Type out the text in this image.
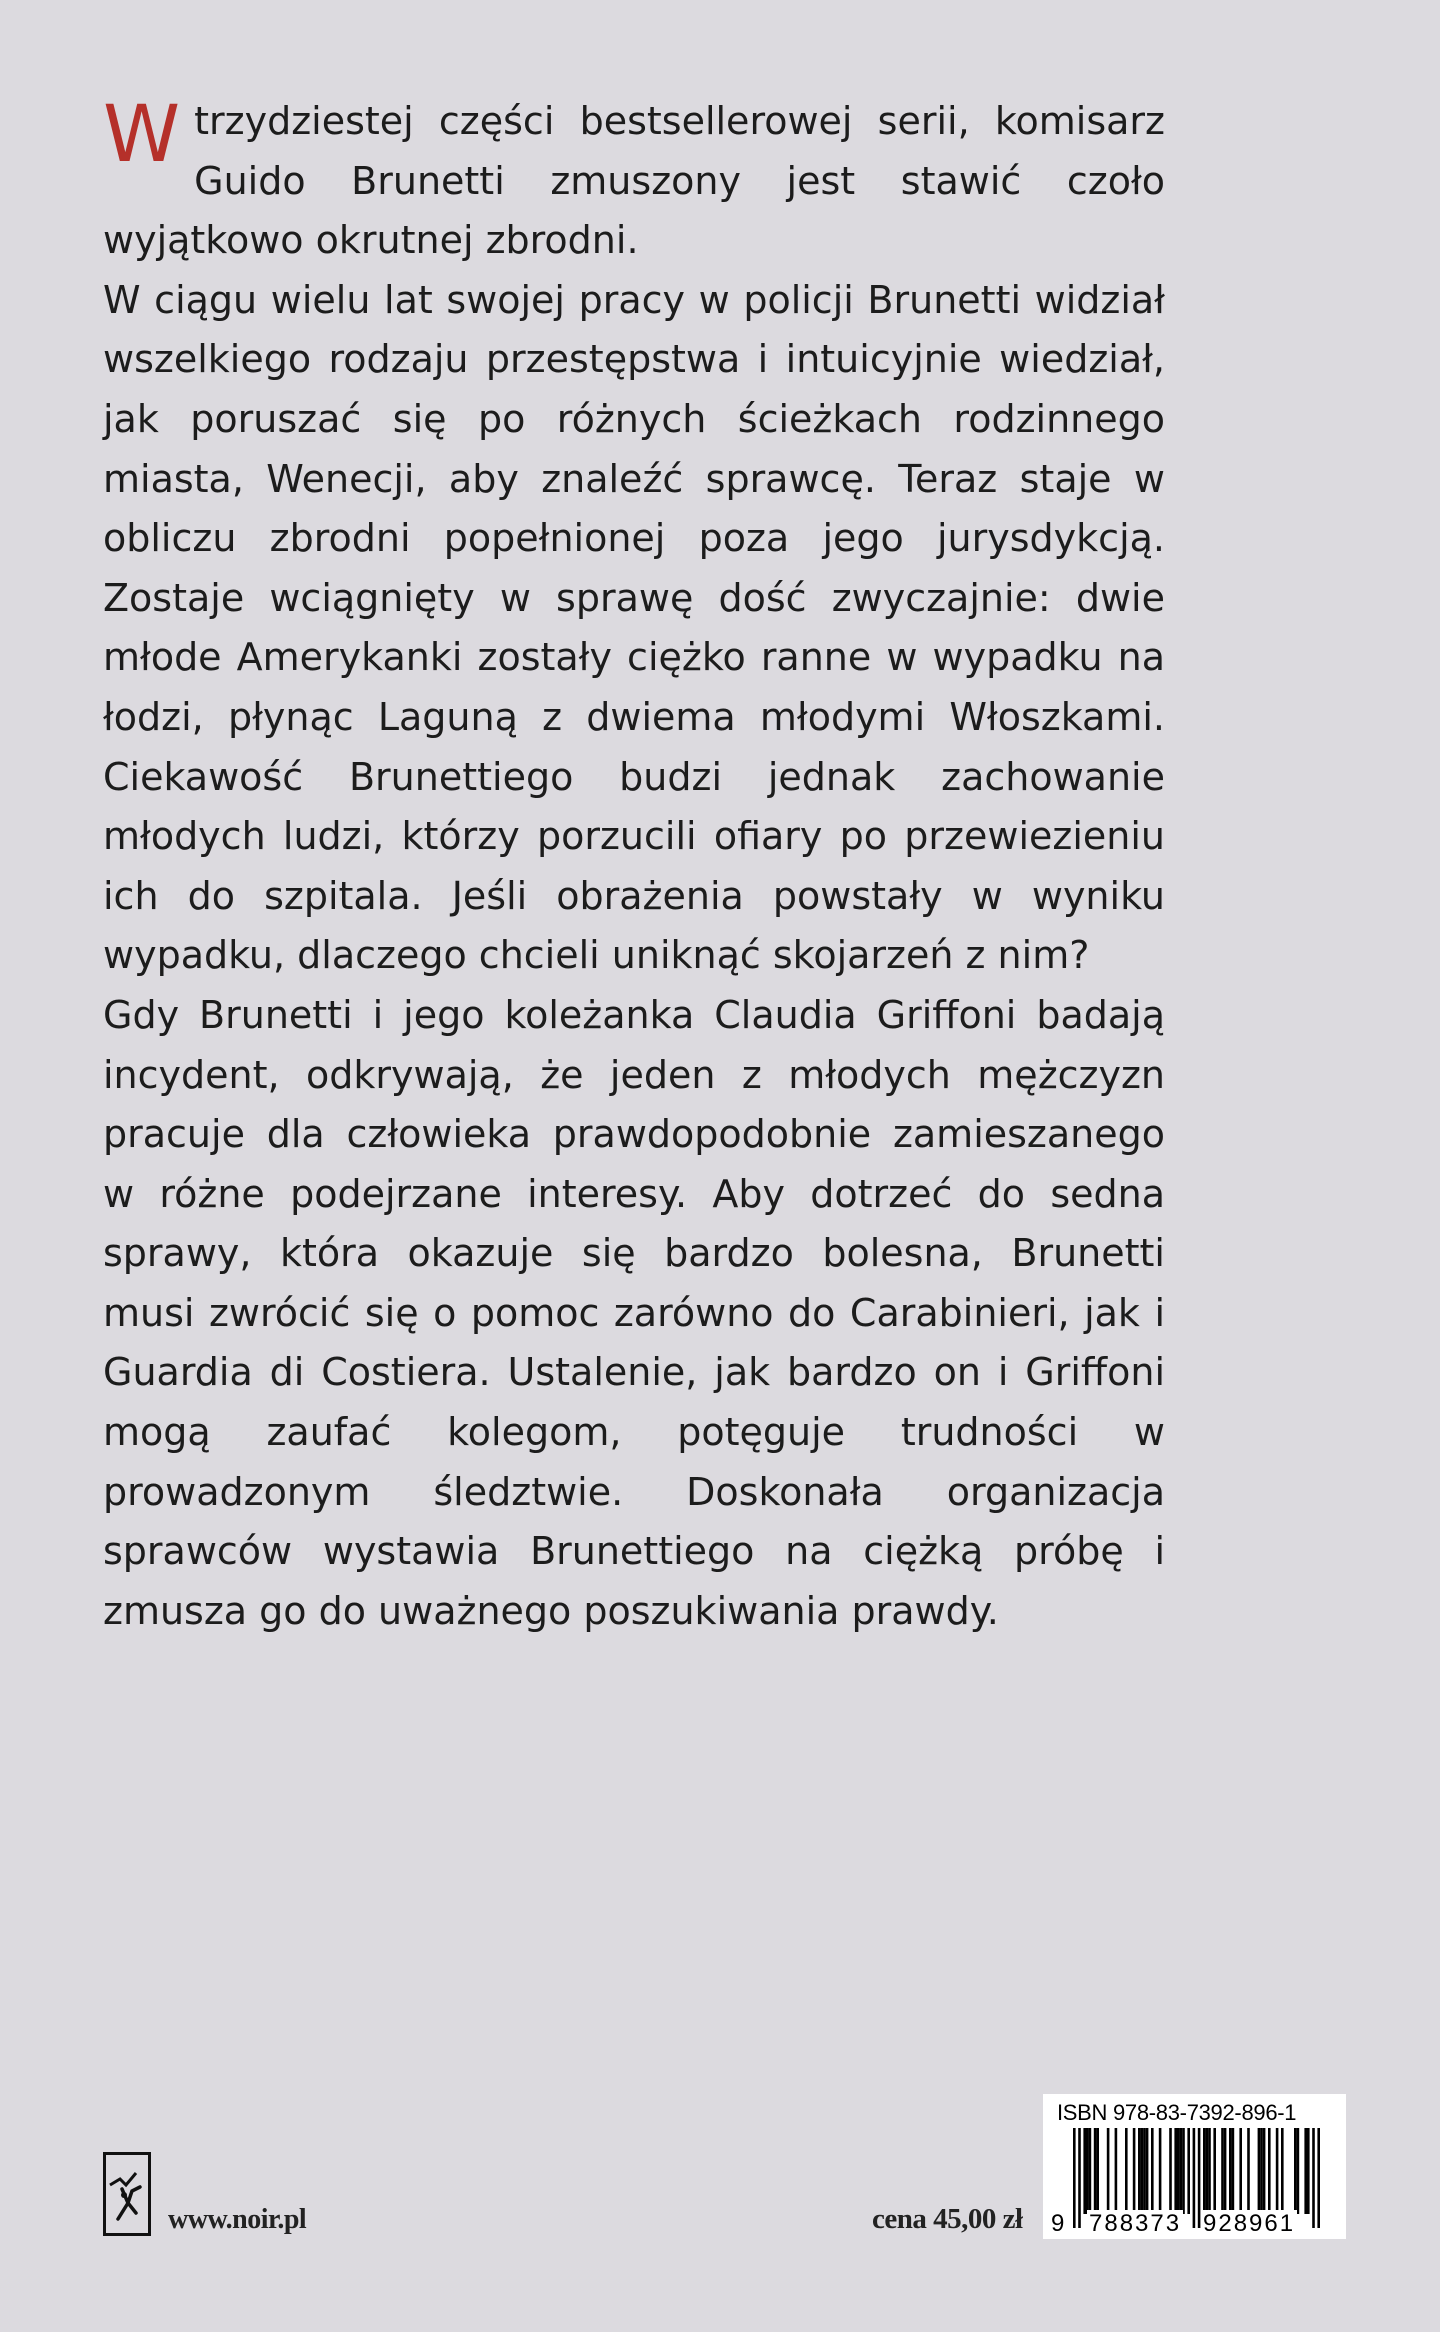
W trzydziestej części bestsellerowej serii, komisarz Guido Brunetti zmuszony jest stawić czoło wyjątkowo okrutnej zbrodni.

W ciągu wielu lat swojej pracy w policji Brunetti widział wszelkiego rodzaju przestępstwa i intuicyjnie wiedział, jak poruszać się po różnych ścieżkach rodzinnego miasta, Wenecji, aby znaleźć sprawcę. Teraz staje w obliczu zbrodni popełnionej poza jego jurysdykcją. Zostaje wciągnięty w sprawę dość zwyczajnie: dwie młode Amerykanki zostały ciężko ranne w wypadku na łodzi, płynąc Laguną z dwiema młodymi Włoszkami. Ciekawość Brunettiego budzi jednak zachowanie młodych ludzi, którzy porzucili ofiary po przewiezieniu ich do szpitala. Jeśli obrażenia powstały w wyniku wypadku, dlaczego chcieli uniknąć skojarzeń z nim?

Gdy Brunetti i jego koleżanka Claudia Griffoni badają incydent, odkrywają, że jeden z młodych mężczyzn pracuje dla człowieka prawdopodobnie zamieszanego w różne podejrzane interesy. Aby dotrzeć do sedna sprawy, która okazuje się bardzo bolesna, Brunetti musi zwrócić się o pomoc zarówno do Carabinieri, jak i Guardia di Costiera. Ustalenie, jak bardzo on i Griffoni mogą zaufać kolegom, potęguje trudności w prowadzonym śledztwie. Doskonała organizacja sprawców wystawia Brunettiego na ciężką próbę i zmusza go do uważnego poszukiwania prawdy.

www.noir.pl	cena 45,00 zł
ISBN 978-83-7392-896-1
9 788373 928961
